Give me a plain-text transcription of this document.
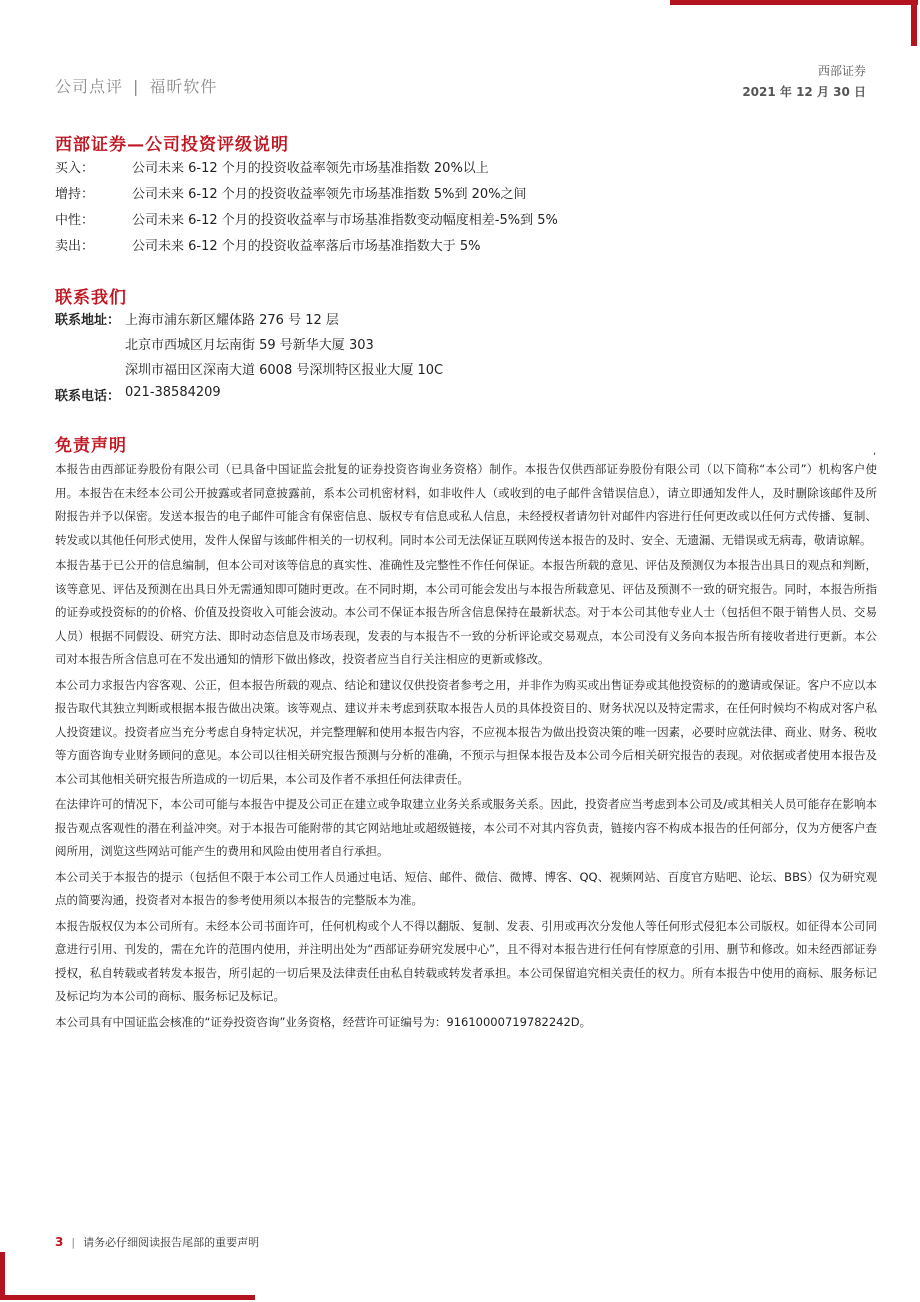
公司点评 | 福昕软件
西部证券
2021 年 12 月 30 日
西部证券—公司投资评级说明
买入：	公司未来 6-12 个月的投资收益率领先市场基准指数 20%以上
增持：	公司未来 6-12 个月的投资收益率领先市场基准指数 5%到 20%之间
中性：	公司未来 6-12 个月的投资收益率与市场基准指数变动幅度相差-5%到 5%
卖出：	公司未来 6-12 个月的投资收益率落后市场基准指数大于 5%
联系我们
联系地址： 上海市浦东新区耀体路 276 号 12 层
北京市西城区月坛南街 59 号新华大厦 303
深圳市福田区深南大道 6008 号深圳特区报业大厦 10C
联系电话： 021-38584209
免责声明	,

本报告由西部证券股份有限公司（已具备中国证监会批复的证券投资咨询业务资格）制作。本报告仅供西部证券股份有限公司（以下简称“本公司”）机构客户使用。本报告在未经本公司公开披露或者同意披露前，系本公司机密材料，如非收件人（或收到的电子邮件含错误信息），请立即通知发件人，及时删除该邮件及所附报告并予以保密。发送本报告的电子邮件可能含有保密信息、版权专有信息或私人信息，未经授权者请勿针对邮件内容进行任何更改或以任何方式传播、复制、转发或以其他任何形式使用，发件人保留与该邮件相关的一切权利。同时本公司无法保证互联网传送本报告的及时、安全、无遗漏、无错误或无病毒，敬请谅解。

本报告基于已公开的信息编制，但本公司对该等信息的真实性、准确性及完整性不作任何保证。本报告所载的意见、评估及预测仅为本报告出具日的观点和判断，该等意见、评估及预测在出具日外无需通知即可随时更改。在不同时期，本公司可能会发出与本报告所载意见、评估及预测不一致的研究报告。同时，本报告所指的证券或投资标的的价格、价值及投资收入可能会波动。本公司不保证本报告所含信息保持在最新状态。对于本公司其他专业人士（包括但不限于销售人员、交易人员）根据不同假设、研究方法、即时动态信息及市场表现，发表的与本报告不一致的分析评论或交易观点，本公司没有义务向本报告所有接收者进行更新。本公司对本报告所含信息可在不发出通知的情形下做出修改，投资者应当自行关注相应的更新或修改。

本公司力求报告内容客观、公正，但本报告所载的观点、结论和建议仅供投资者参考之用，并非作为购买或出售证券或其他投资标的的邀请或保证。客户不应以本报告取代其独立判断或根据本报告做出决策。该等观点、建议并未考虑到获取本报告人员的具体投资目的、财务状况以及特定需求，在任何时候均不构成对客户私人投资建议。投资者应当充分考虑自身特定状况，并完整理解和使用本报告内容，不应视本报告为做出投资决策的唯一因素，必要时应就法律、商业、财务、税收等方面咨询专业财务顾问的意见。本公司以往相关研究报告预测与分析的准确，不预示与担保本报告及本公司今后相关研究报告的表现。对依据或者使用本报告及本公司其他相关研究报告所造成的一切后果，本公司及作者不承担任何法律责任。

在法律许可的情况下，本公司可能与本报告中提及公司正在建立或争取建立业务关系或服务关系。因此，投资者应当考虑到本公司及/或其相关人员可能存在影响本报告观点客观性的潜在利益冲突。对于本报告可能附带的其它网站地址或超级链接，本公司不对其内容负责，链接内容不构成本报告的任何部分，仅为方便客户查阅所用，浏览这些网站可能产生的费用和风险由使用者自行承担。

本公司关于本报告的提示（包括但不限于本公司工作人员通过电话、短信、邮件、微信、微博、博客、QQ、视频网站、百度官方贴吧、论坛、BBS）仅为研究观点的简要沟通，投资者对本报告的参考使用须以本报告的完整版本为准。

本报告版权仅为本公司所有。未经本公司书面许可，任何机构或个人不得以翻版、复制、发表、引用或再次分发他人等任何形式侵犯本公司版权。如征得本公司同意进行引用、刊发的，需在允许的范围内使用，并注明出处为“西部证券研究发展中心”，且不得对本报告进行任何有悖原意的引用、删节和修改。如未经西部证券授权，私自转载或者转发本报告，所引起的一切后果及法律责任由私自转载或转发者承担。本公司保留追究相关责任的权力。所有本报告中使用的商标、服务标记及标记均为本公司的商标、服务标记及标记。

本公司具有中国证监会核准的“证券投资咨询”业务资格，经营许可证编号为：91610000719782242D。

3 | 请务必仔细阅读报告尾部的重要声明
